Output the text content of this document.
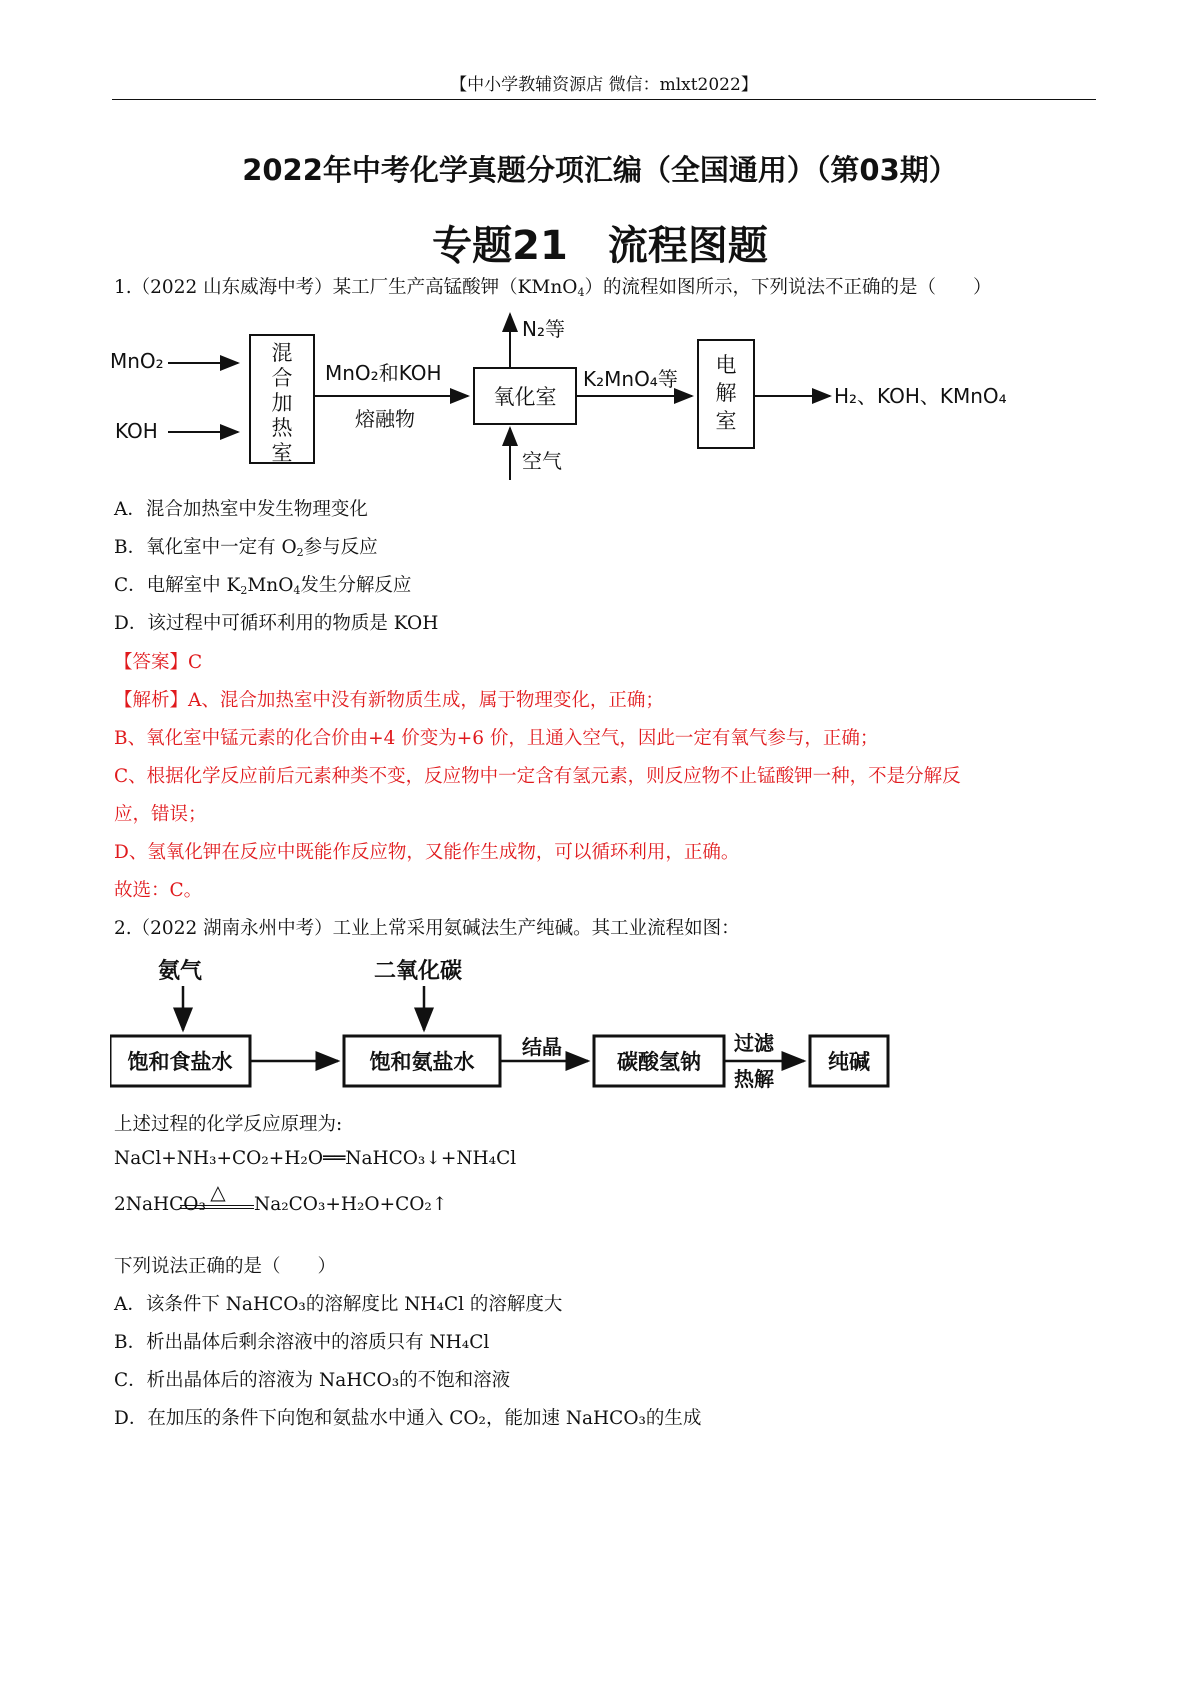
【中小学教辅资源店 微信：mlxt2022】
2022年中考化学真题分项汇编（全国通用）（第03期）
专题21 流程图题
1.（2022 山东威海中考）某工厂生产高锰酸钾（KMnO$_4$）的流程如图所示，下列说法不正确的是（　　）
MnO₂
KOH
混
合
加
热
室
MnO₂和KOH
熔融物
氧化室
N₂等
空气
K₂MnO₄等
电
解
室
H₂、KOH、KMnO₄
A．混合加热室中发生物理变化
B．氧化室中一定有 $O_2$参与反应
C．电解室中 $K_2MnO_4$发生分解反应
D．该过程中可循环利用的物质是 KOH
【答案】C
【解析】A、混合加热室中没有新物质生成，属于物理变化，正确；
B、氧化室中锰元素的化合价由+4 价变为+6 价，且通入空气，因此一定有氧气参与，正确；
C、根据化学反应前后元素种类不变，反应物中一定含有氢元素，则反应物不止锰酸钾一种，不是分解反
应，错误；
D、氢氧化钾在反应中既能作反应物，又能作生成物，可以循环利用，正确。
故选：C。
2.（2022 湖南永州中考）工业上常采用氨碱法生产纯碱。其工业流程如图：
氨气
饱和食盐水
二氧化碳
饱和氨盐水
结晶
碳酸氢钠
过滤
热解
纯碱
上述过程的化学反应原理为:
NaCl+NH₃+CO₂+H₂O══NaHCO₃↓+NH₄Cl
2NaHCO₃
△
Na₂CO₃+H₂O+CO₂↑
下列说法正确的是（　　）
A．该条件下 NaHCO₃的溶解度比 NH₄Cl 的溶解度大
B．析出晶体后剩余溶液中的溶质只有 NH₄Cl
C．析出晶体后的溶液为 NaHCO₃的不饱和溶液
D．在加压的条件下向饱和氨盐水中通入 CO₂，能加速 NaHCO₃的生成
